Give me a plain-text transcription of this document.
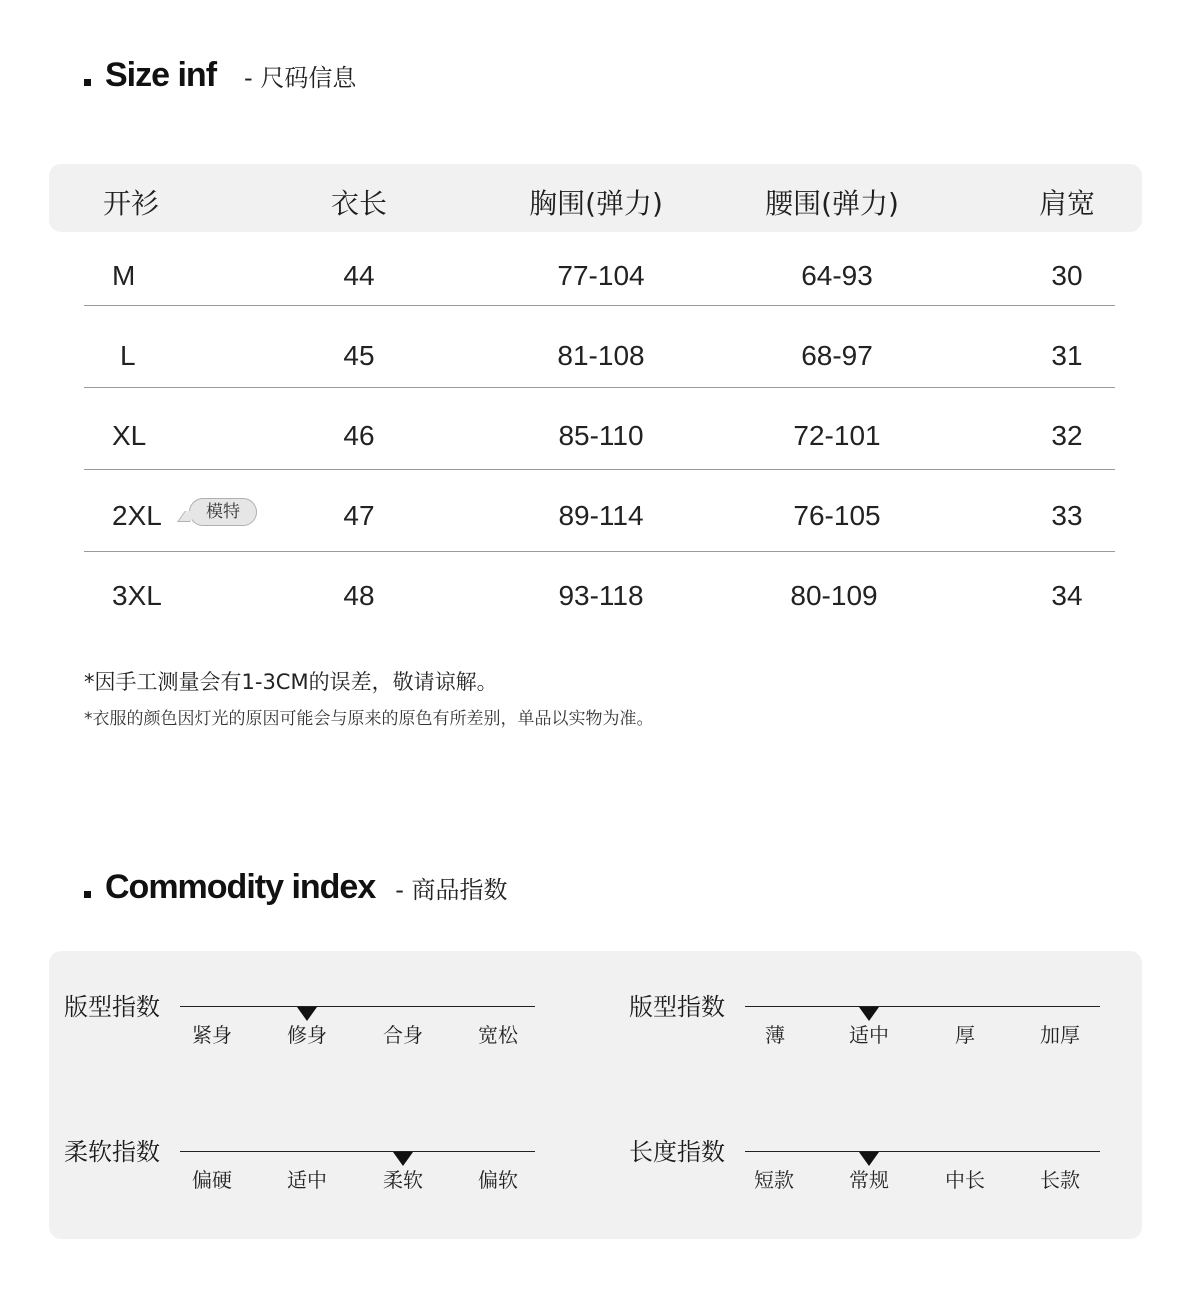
Size inf - 尺码信息
开衫	衣长	胸围(弹力)	腰围(弹力)	肩宽
M	44	77-104	64-93	30
L	45	81-108	68-97	31
XL	46	85-110	72-101	32
2XL	模特	47	89-114	76-105	33
3XL	48	93-118	80-109	34
*因手工测量会有1-3CM的误差，敬请谅解。
*衣服的颜色因灯光的原因可能会与原来的原色有所差别，单品以实物为准。
Commodity index - 商品指数
版型指数
紧身	修身	合身	宽松
版型指数
薄	适中	厚	加厚
柔软指数
偏硬	适中	柔软	偏软
长度指数
短款	常规	中长	长款
